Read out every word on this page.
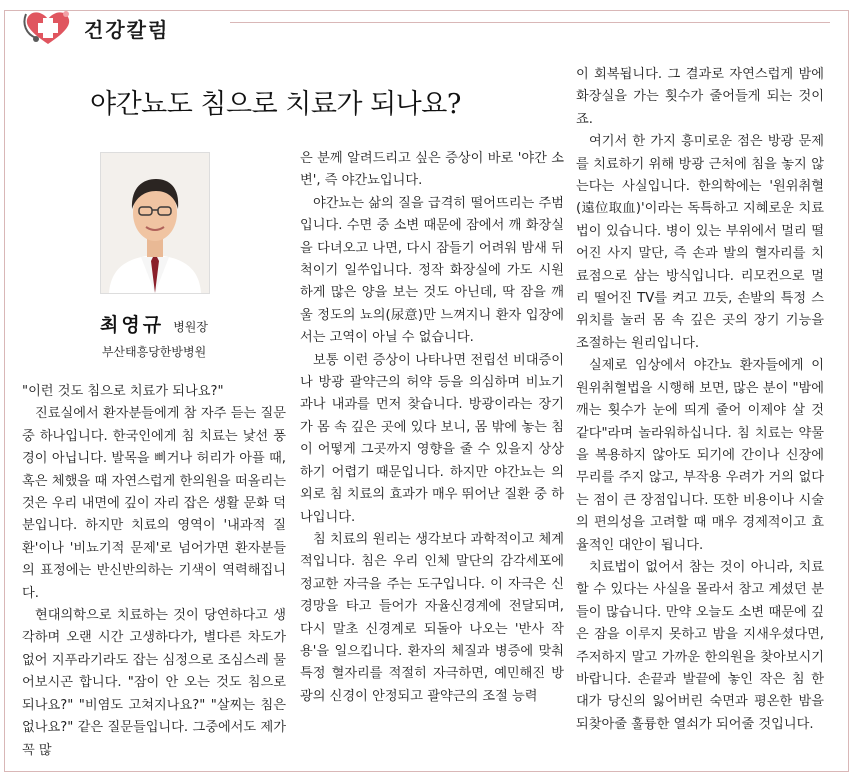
건강칼럼
야간뇨도 침으로 치료가 되나요?
최영규 병원장
부산태흥당한방병원

"이런 것도 침으로 치료가 되나요?"

진료실에서 환자분들에게 참 자주 듣는 질문 중 하나입니다. 한국인에게 침 치료는 낯선 풍경이 아닙니다. 발목을 삐거나 허리가 아플 때, 혹은 체했을 때 자연스럽게 한의원을 떠올리는 것은 우리 내면에 깊이 자리 잡은 생활 문화 덕분입니다. 하지만 치료의 영역이 '내과적 질환'이나 '비뇨기적 문제'로 넘어가면 환자분들의 표정에는 반신반의하는 기색이 역력해집니다.

현대의학으로 치료하는 것이 당연하다고 생각하며 오랜 시간 고생하다가, 별다른 차도가 없어 지푸라기라도 잡는 심정으로 조심스레 물어보시곤 합니다. "잠이 안 오는 것도 침으로 되나요?" "비염도 고쳐지나요?" "살찌는 침은 없나요?" 같은 질문들입니다. 그중에서도 제가 꼭 많

은 분께 알려드리고 싶은 증상이 바로 '야간 소변', 즉 야간뇨입니다.

야간뇨는 삶의 질을 급격히 떨어뜨리는 주범입니다. 수면 중 소변 때문에 잠에서 깨 화장실을 다녀오고 나면, 다시 잠들기 어려워 밤새 뒤척이기 일쑤입니다. 정작 화장실에 가도 시원하게 많은 양을 보는 것도 아닌데, 딱 잠을 깨울 정도의 뇨의(尿意)만 느껴지니 환자 입장에서는 고역이 아닐 수 없습니다.

보통 이런 증상이 나타나면 전립선 비대증이나 방광 괄약근의 허약 등을 의심하며 비뇨기과나 내과를 먼저 찾습니다. 방광이라는 장기가 몸 속 깊은 곳에 있다 보니, 몸 밖에 놓는 침이 어떻게 그곳까지 영향을 줄 수 있을지 상상하기 어렵기 때문입니다. 하지만 야간뇨는 의외로 침 치료의 효과가 매우 뛰어난 질환 중 하나입니다.

침 치료의 원리는 생각보다 과학적이고 체계적입니다. 침은 우리 인체 말단의 감각세포에 정교한 자극을 주는 도구입니다. 이 자극은 신경망을 타고 들어가 자율신경계에 전달되며, 다시 말초 신경계로 되돌아 나오는 '반사 작용'을 일으킵니다. 환자의 체질과 병증에 맞춰 특정 혈자리를 적절히 자극하면, 예민해진 방광의 신경이 안정되고 괄약근의 조절 능력

이 회복됩니다. 그 결과로 자연스럽게 밤에 화장실을 가는 횟수가 줄어들게 되는 것이죠.

여기서 한 가지 흥미로운 점은 방광 문제를 치료하기 위해 방광 근처에 침을 놓지 않는다는 사실입니다. 한의학에는 '원위취혈(遠位取血)'이라는 독특하고 지혜로운 치료법이 있습니다. 병이 있는 부위에서 멀리 떨어진 사지 말단, 즉 손과 발의 혈자리를 치료점으로 삼는 방식입니다. 리모컨으로 멀리 떨어진 TV를 켜고 끄듯, 손발의 특정 스위치를 눌러 몸 속 깊은 곳의 장기 기능을 조절하는 원리입니다.

실제로 임상에서 야간뇨 환자들에게 이 원위취혈법을 시행해 보면, 많은 분이 "밤에 깨는 횟수가 눈에 띄게 줄어 이제야 살 것 같다"라며 놀라워하십니다. 침 치료는 약물을 복용하지 않아도 되기에 간이나 신장에 무리를 주지 않고, 부작용 우려가 거의 없다는 점이 큰 장점입니다. 또한 비용이나 시술의 편의성을 고려할 때 매우 경제적이고 효율적인 대안이 됩니다.

치료법이 없어서 참는 것이 아니라, 치료할 수 있다는 사실을 몰라서 참고 계셨던 분들이 많습니다. 만약 오늘도 소변 때문에 깊은 잠을 이루지 못하고 밤을 지새우셨다면, 주저하지 말고 가까운 한의원을 찾아보시기 바랍니다. 손끝과 발끝에 놓인 작은 침 한 대가 당신의 잃어버린 숙면과 평온한 밤을 되찾아줄 훌륭한 열쇠가 되어줄 것입니다.
